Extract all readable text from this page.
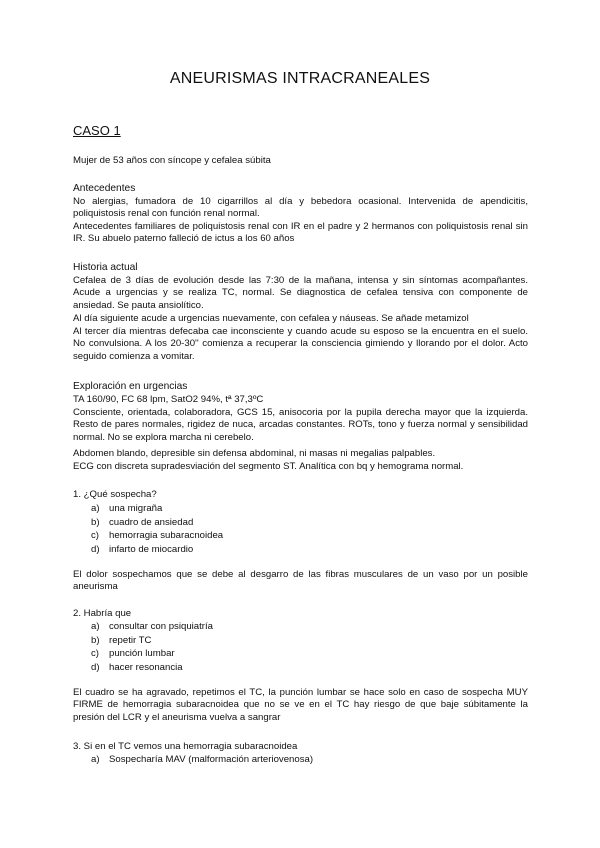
ANEURISMAS INTRACRANEALES
CASO 1
Mujer de 53 años con síncope y cefalea súbita
Antecedentes
No alergias, fumadora de 10 cigarrillos al día y bebedora ocasional. Intervenida de apendicitis, poliquistosis renal con función renal normal.
Antecedentes familiares de poliquistosis renal con IR en el padre y 2 hermanos con poliquistosis renal sin IR. Su abuelo paterno falleció de ictus a los 60 años
Historia actual
Cefalea de 3 días de evolución desde las 7:30 de la mañana, intensa y sin síntomas acompañantes. Acude a urgencias y se realiza TC, normal. Se diagnostica de cefalea tensiva con componente de ansiedad. Se pauta ansiolítico.
Al día siguiente acude a urgencias nuevamente, con cefalea y náuseas. Se añade metamizol
Al tercer día mientras defecaba cae inconsciente y cuando acude su esposo se la encuentra en el suelo. No convulsiona. A los 20-30'' comienza a recuperar la consciencia gimiendo y llorando por el dolor. Acto seguido comienza a vomitar.
Exploración en urgencias
TA 160/90, FC 68 lpm, SatO2 94%, tª 37,3ºC
Consciente, orientada, colaboradora, GCS 15, anisocoria por la pupila derecha mayor que la izquierda. Resto de pares normales, rigidez de nuca, arcadas constantes. ROTs, tono y fuerza normal y sensibilidad normal. No se explora marcha ni cerebelo.
Abdomen blando, depresible sin defensa abdominal, ni masas ni megalias palpables.
ECG con discreta supradesviación del segmento ST. Analítica con bq y hemograma normal.
1. ¿Qué sospecha?
a) una migraña
b) cuadro de ansiedad
c) hemorragia subaracnoidea
d) infarto de miocardio
El dolor sospechamos que se debe al desgarro de las fibras musculares de un vaso por un posible aneurisma
2. Habría que
a) consultar con psiquiatría
b) repetir TC
c) punción lumbar
d) hacer resonancia
El cuadro se ha agravado, repetimos el TC, la punción lumbar se hace solo en caso de sospecha MUY FIRME de hemorragia subaracnoidea que no se ve en el TC hay riesgo de que baje súbitamente la presión del LCR y el aneurisma vuelva a sangrar
3. Si en el TC vemos una hemorragia subaracnoidea
a) Sospecharía MAV (malformación arteriovenosa)
